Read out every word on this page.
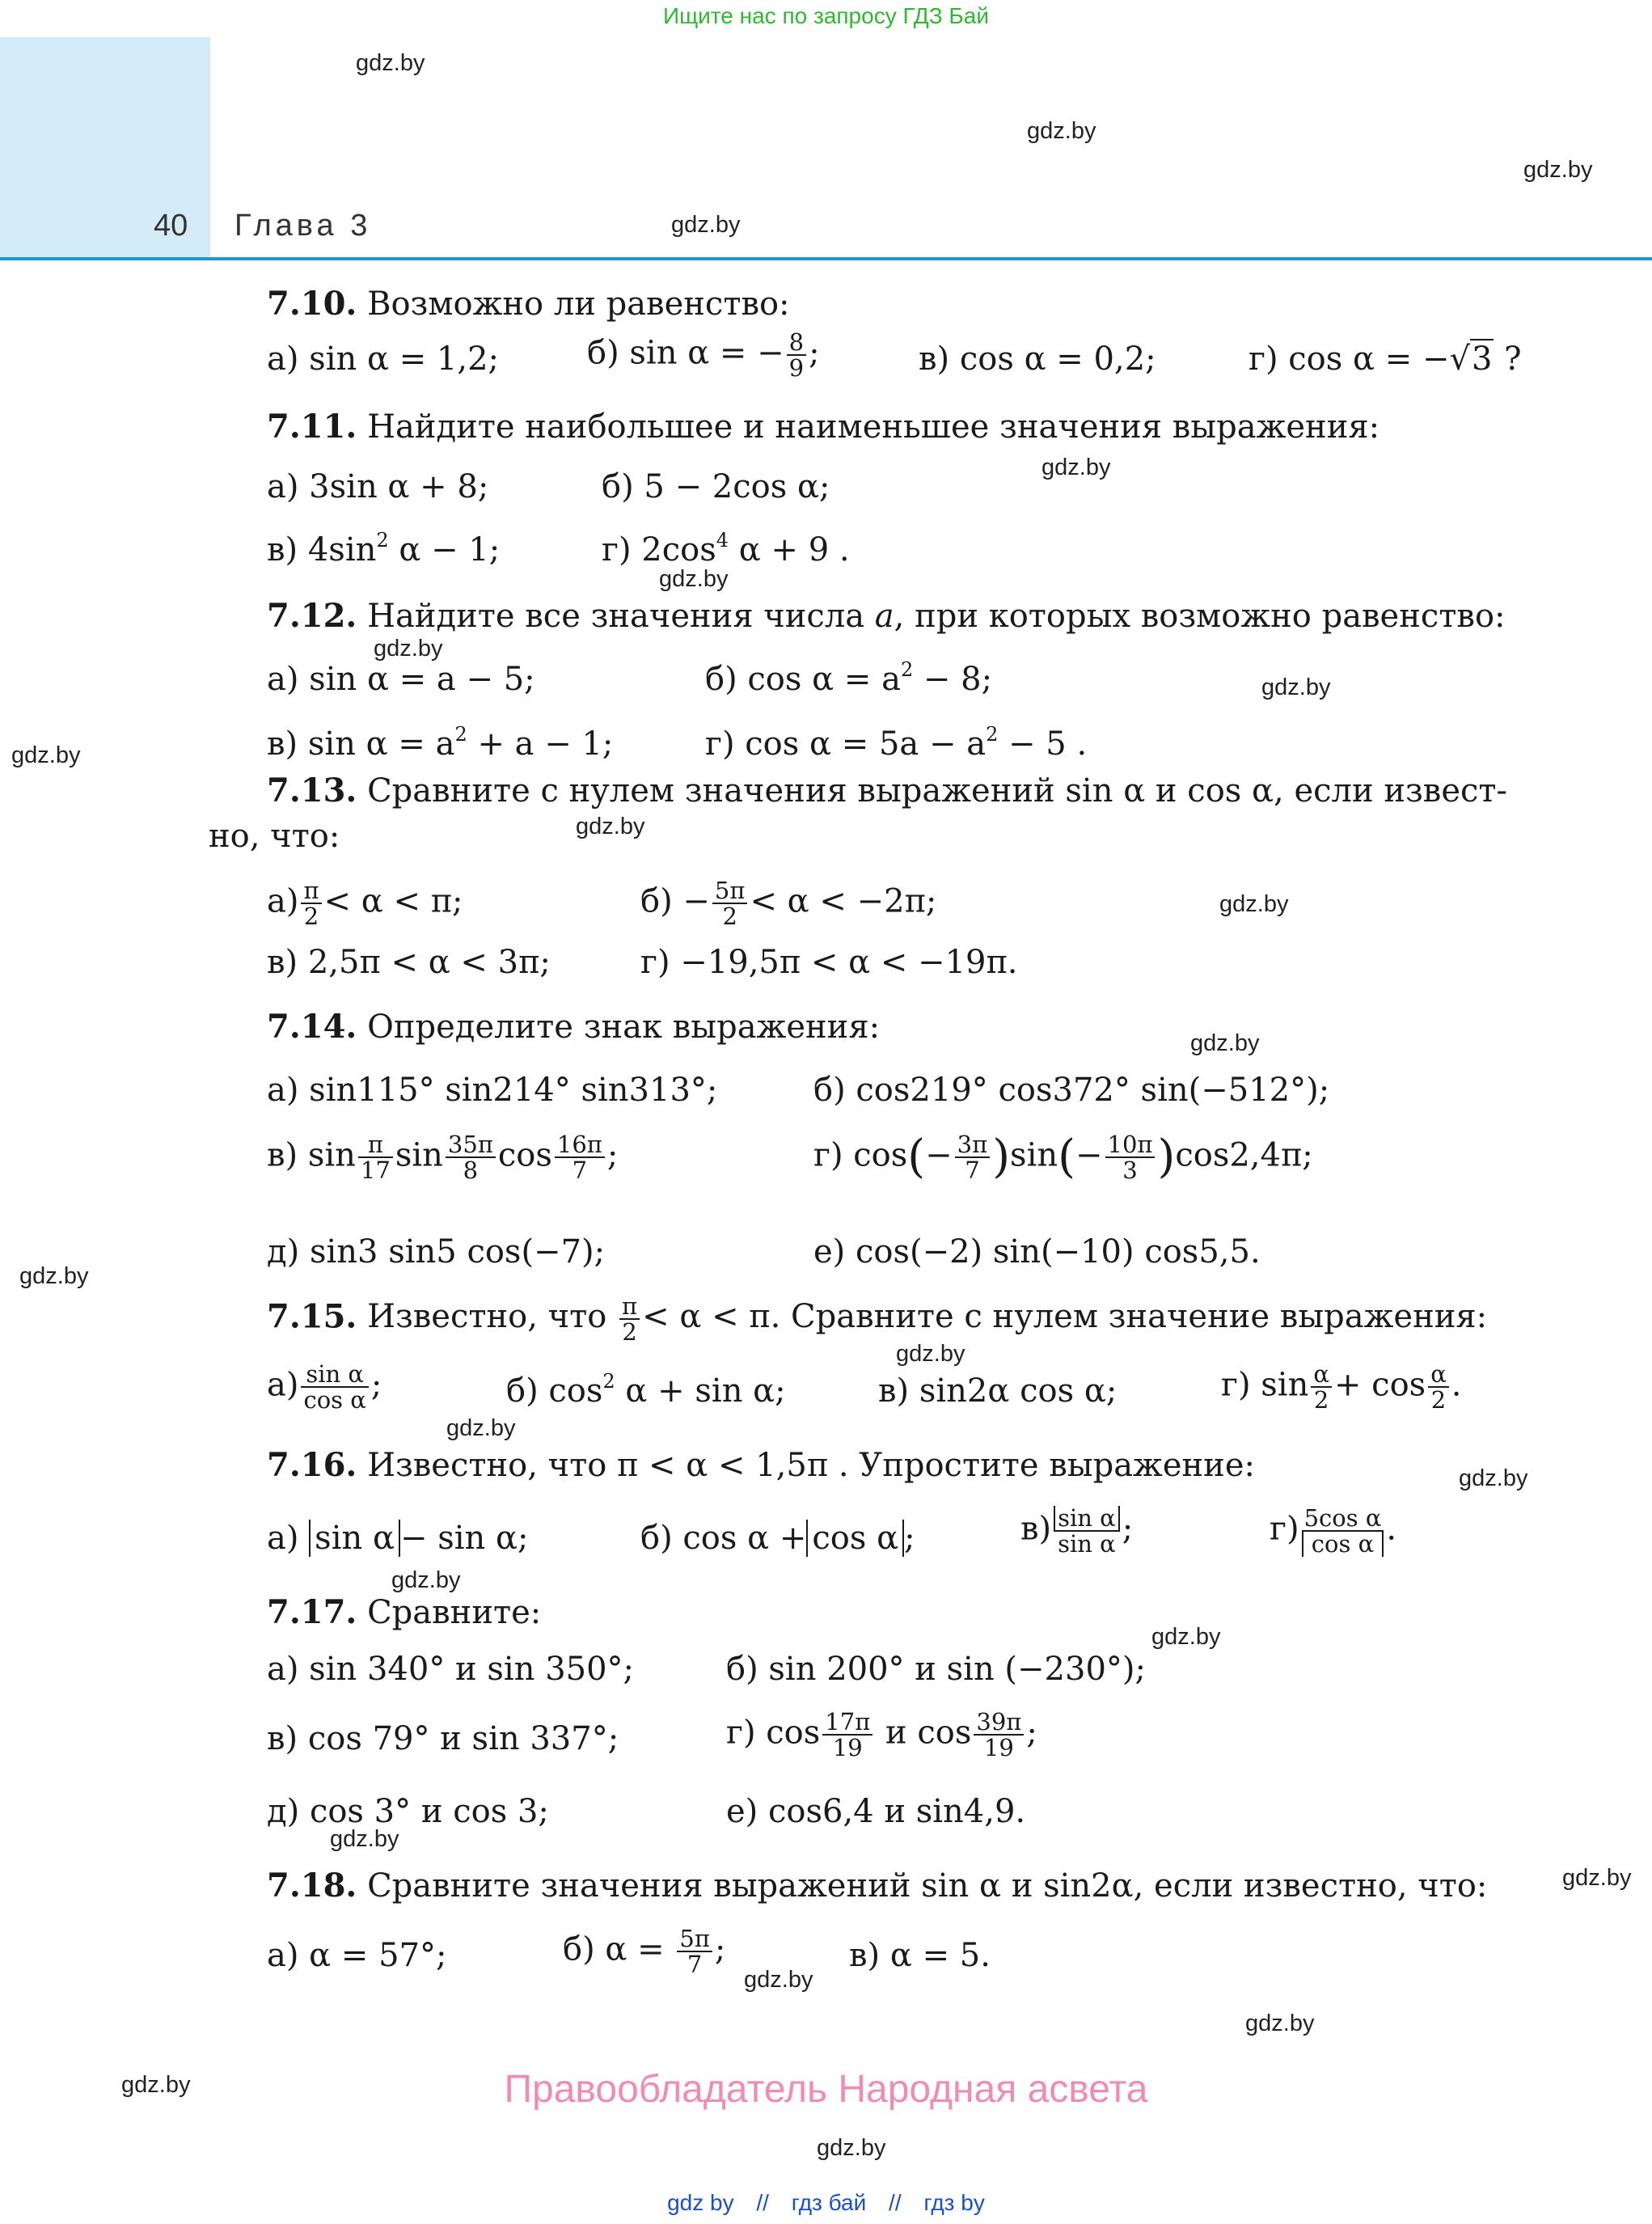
Ищите нас по запросу ГДЗ Бай
40 Глава 3
gdz.by
gdz.by
gdz.by
gdz.by
gdz.by
gdz.by
gdz.by
gdz.by
gdz.by
gdz.by
gdz.by
gdz.by
gdz.by
gdz.by
gdz.by
gdz.by
gdz.by
gdz.by
gdz.by
gdz.by
gdz.by
gdz.by
gdz.by
gdz.by
7.10. Возможно ли равенство:
а) sin α = 1,2;	б) sin α = − $\frac{8}{9}$ ;	в) cos α = 0,2;	г) cos α = −√3 ?
7.11. Найдите наибольшее и наименьшее значения выражения:
а) 3sin α + 8;	б) 5 − 2cos α;
в) $4\sin^2$ α − 1;	г) $2\cos^4$ α + 9 .
7.12. Найдите все значения числа a, при которых возможно равенство:
а) sin α = a − 5;	б) $\cos \alpha = a^2 - 8$;
в) $\sin \alpha = a^2 + a - 1$;	г) $\cos \alpha = 5a - a^2 - 5$ .
7.13. Сравните с нулем значения выражений sin α и cos α, если извест-
но, что:
$а) \frac{\pi}{2} < \alpha < \pi$;	$б) - \frac{5\pi}{2} < \alpha < -2\pi$;
в) 2,5π < α < 3π;	г) −19,5π < α < −19π.
7.14. Определите знак выражения:
а) sin115° sin214° sin313°;	б) cos219° cos372° sin(−512°);
в) $\sin \frac{\pi}{17}$ $\sin \frac{35\pi}{8}$ $\cos \frac{16\pi}{7}$ ;	г) $\cos(- \frac{3\pi}{7} )\sin(- \frac{10\pi}{3} )\cos 2,4\pi$;
д) sin3 sin5 cos(−7);	е) cos(−2) sin(−10) cos5,5.
7.15. Известно, что $\frac{\pi}{2} < \alpha < \pi$. Сравните с нулем значение выражения:
$а) \frac{\text{sin α}}{\text{cos α}}$ ;	б) $\cos^2 \alpha + \sin \alpha$;	в) sin2α cos α;	г) $\sin \frac{\alpha}{2} + \cos \frac{\alpha}{2}$ .
7.16. Известно, что π < α < 1,5π . Упростите выражение:
а) sin α − sin α;	б) cos α + cos α ;	$в) \frac{\text{sin α}}{\text{sin α}}$ ;	$г) \frac{\text{5cos α}}{\text{cos α}}$ .
7.17. Сравните:
а) sin 340° и sin 350°;	б) sin 200° и sin (−230°);
в) cos 79° и sin 337°;	г) $\cos \frac{17\pi}{19}$ и $\cos \frac{39\pi}{19}$ ;
д) cos 3° и cos 3;	е) cos6,4 и sin4,9.
7.18. Сравните значения выражений sin α и sin2α, если известно, что:
а) α = 57°;	б) $\alpha = \frac{5\pi}{7}$ ;	в) α = 5.
Правообладатель Народная асвета
gdz by // гдз бай // гдз by
